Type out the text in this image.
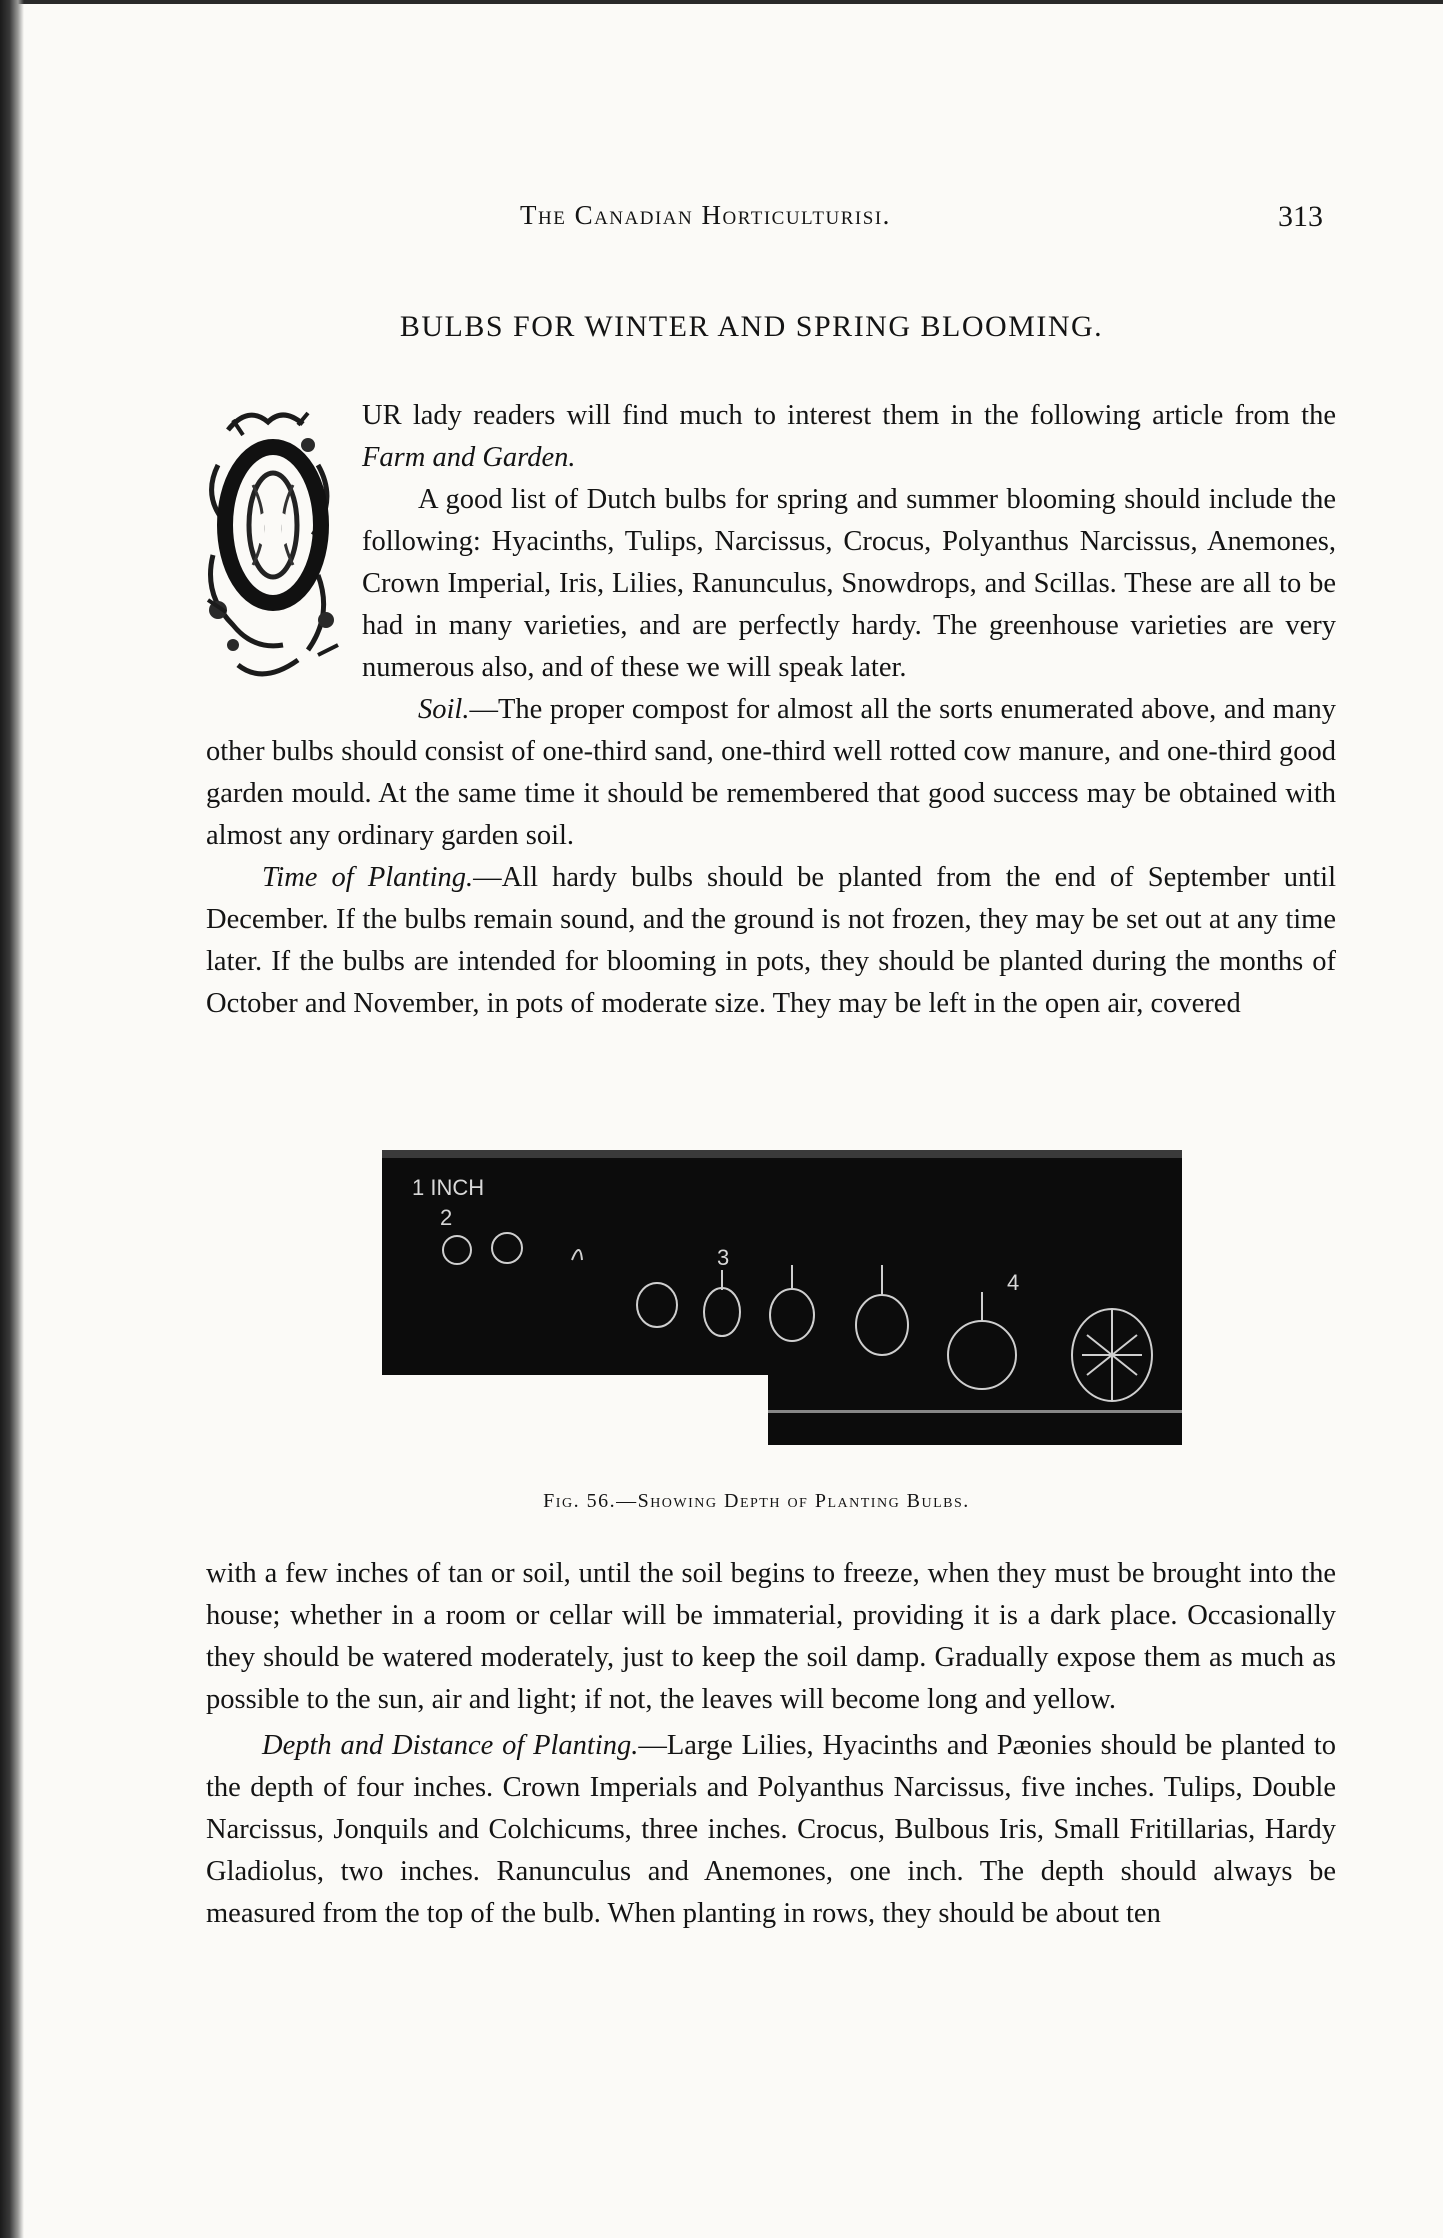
The Canadian Horticulturisi.	313
BULBS FOR WINTER AND SPRING BLOOMING.
O

UR lady readers will find much to interest them in the following article from the Farm and Garden.

A good list of Dutch bulbs for spring and summer blooming should include the following: Hyacinths, Tulips, Narcissus, Crocus, Polyanthus Narcissus, Anemones, Crown Imperial, Iris, Lilies, Ranunculus, Snowdrops, and Scillas. These are all to be had in many varieties, and are perfectly hardy. The greenhouse varieties are very numerous also, and of these we will speak later.

Soil.—The proper compost for almost all the sorts enumerated above, and many other bulbs should consist of one-third sand, one-third well rotted cow manure, and one-third good garden mould. At the same time it should be remembered that good success may be obtained with almost any ordinary garden soil.

Time of Planting.—All hardy bulbs should be planted from the end of September until December. If the bulbs remain sound, and the ground is not frozen, they may be set out at any time later. If the bulbs are intended for blooming in pots, they should be planted during the months of October and November, in pots of moderate size. They may be left in the open air, covered

1 INCH
2
3
4
Fig. 56.—Showing Depth of Planting Bulbs.

with a few inches of tan or soil, until the soil begins to freeze, when they must be brought into the house; whether in a room or cellar will be immaterial, providing it is a dark place. Occasionally they should be watered moderately, just to keep the soil damp. Gradually expose them as much as possible to the sun, air and light; if not, the leaves will become long and yellow.

Depth and Distance of Planting.—Large Lilies, Hyacinths and Pæonies should be planted to the depth of four inches. Crown Imperials and Polyanthus Narcissus, five inches. Tulips, Double Narcissus, Jonquils and Colchicums, three inches. Crocus, Bulbous Iris, Small Fritillarias, Hardy Gladiolus, two inches. Ranunculus and Anemones, one inch. The depth should always be measured from the top of the bulb. When planting in rows, they should be about ten
